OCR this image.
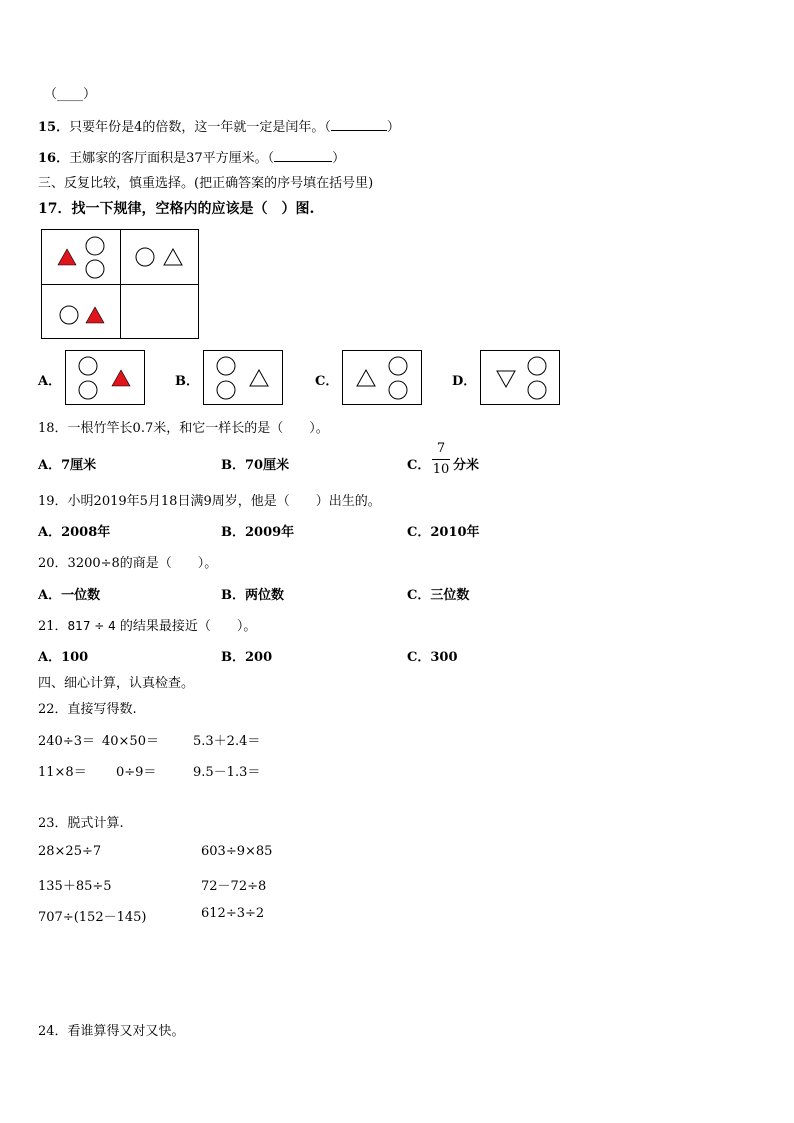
（____）
15．只要年份是4的倍数，这一年就一定是闰年。（	）
16．王娜家的客厅面积是37平方厘米。（	）
三、反复比较，慎重选择。(把正确答案的序号填在括号里)
17．找一下规律，空格内的应该是（　）图.
A．	B．	C．	D．
18．一根竹竿长0.7米，和它一样长的是（　　）。
A．7厘米	B．70厘米	C．
7
10 分米
19．小明2019年5月18日满9周岁，他是（　　）出生的。
A．2008年	B．2009年	C．2010年
20．3200÷8的商是（　　）。
A．一位数	B．两位数	C．三位数
21．817 ÷ 4 的结果最接近（　　）。
A．100	B．200	C．300
四、细心计算，认真检查。
22．直接写得数.
240÷3＝ 40×50＝	5.3＋2.4＝
11×8＝ 0÷9＝	9.5－1.3＝
23．脱式计算.
28×25÷7	603÷9×85
135＋85÷5	72－72÷8
707÷(152－145)	612÷3÷2
24．看谁算得又对又快。
